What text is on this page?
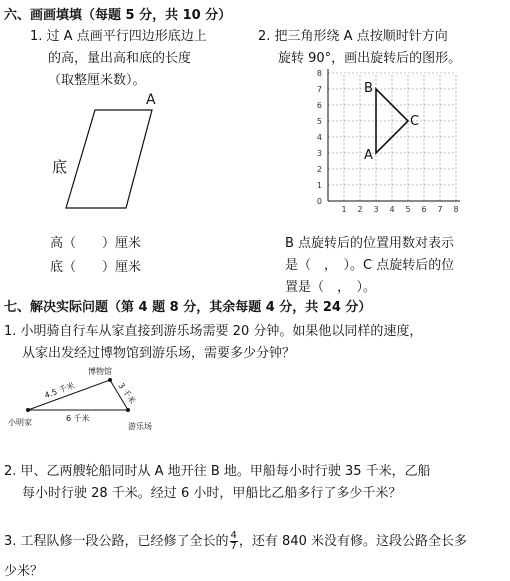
六、画画填填（每题 5 分，共 10 分）
1. 过 A 点画平行四边形底边上
的高，量出高和底的长度
（取整厘米数）。
A
底
高（　　）厘米
底（　　）厘米
2. 把三角形绕 A 点按顺时针方向
旋转 90°，画出旋转后的图形。
1 2 3 4 5 6 7 8
0
1
2
3
4
5
6
7
8
A
B
C
B 点旋转后的位置用数对表示
是（　，　）。C 点旋转后的位
置是（　，　）。
七、解决实际问题（第 4 题 8 分，其余每题 4 分，共 24 分）
1. 小明骑自行车从家直接到游乐场需要 20 分钟。如果他以同样的速度，
从家出发经过博物馆到游乐场，需要多少分钟？
博物馆
小明家	游乐场
4.5 千米	3 千米
6 千米
2. 甲、乙两艘轮船同时从 A 地开往 B 地。甲船每小时行驶 35 千米，乙船
每小时行驶 28 千米。经过 6 小时，甲船比乙船多行了多少千米？
3. 工程队修一段公路，已经修了全长的 $\frac{4}{7}$ ，还有 840 米没有修。这段公路全长多
少米？
